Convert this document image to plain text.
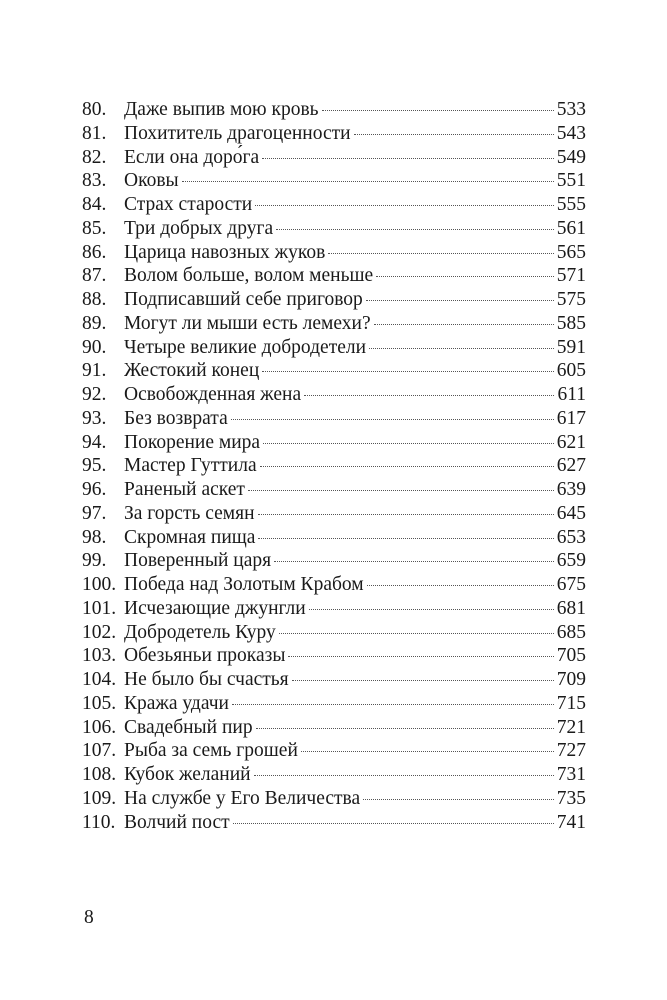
80. Даже выпив мою кровь	533
81. Похититель драгоценности	543
82. Если она доро́га	549
83. Оковы	551
84. Страх старости	555
85. Три добрых друга	561
86. Царица навозных жуков	565
87. Волом больше, волом меньше	571
88. Подписавший себе приговор	575
89. Могут ли мыши есть лемехи?	585
90. Четыре великие добродетели	591
91. Жестокий конец	605
92. Освобожденная жена	611
93. Без возврата	617
94. Покорение мира	621
95. Мастер Гуттила	627
96. Раненый аскет	639
97. За горсть семян	645
98. Скромная пища	653
99. Поверенный царя	659
100. Победа над Золотым Крабом	675
101. Исчезающие джунгли	681
102. Добродетель Куру	685
103. Обезьяньи проказы	705
104. Не было бы счастья	709
105. Кража удачи	715
106. Свадебный пир	721
107. Рыба за семь грошей	727
108. Кубок желаний	731
109. На службе у Его Величества	735
110. Волчий пост	741
8
